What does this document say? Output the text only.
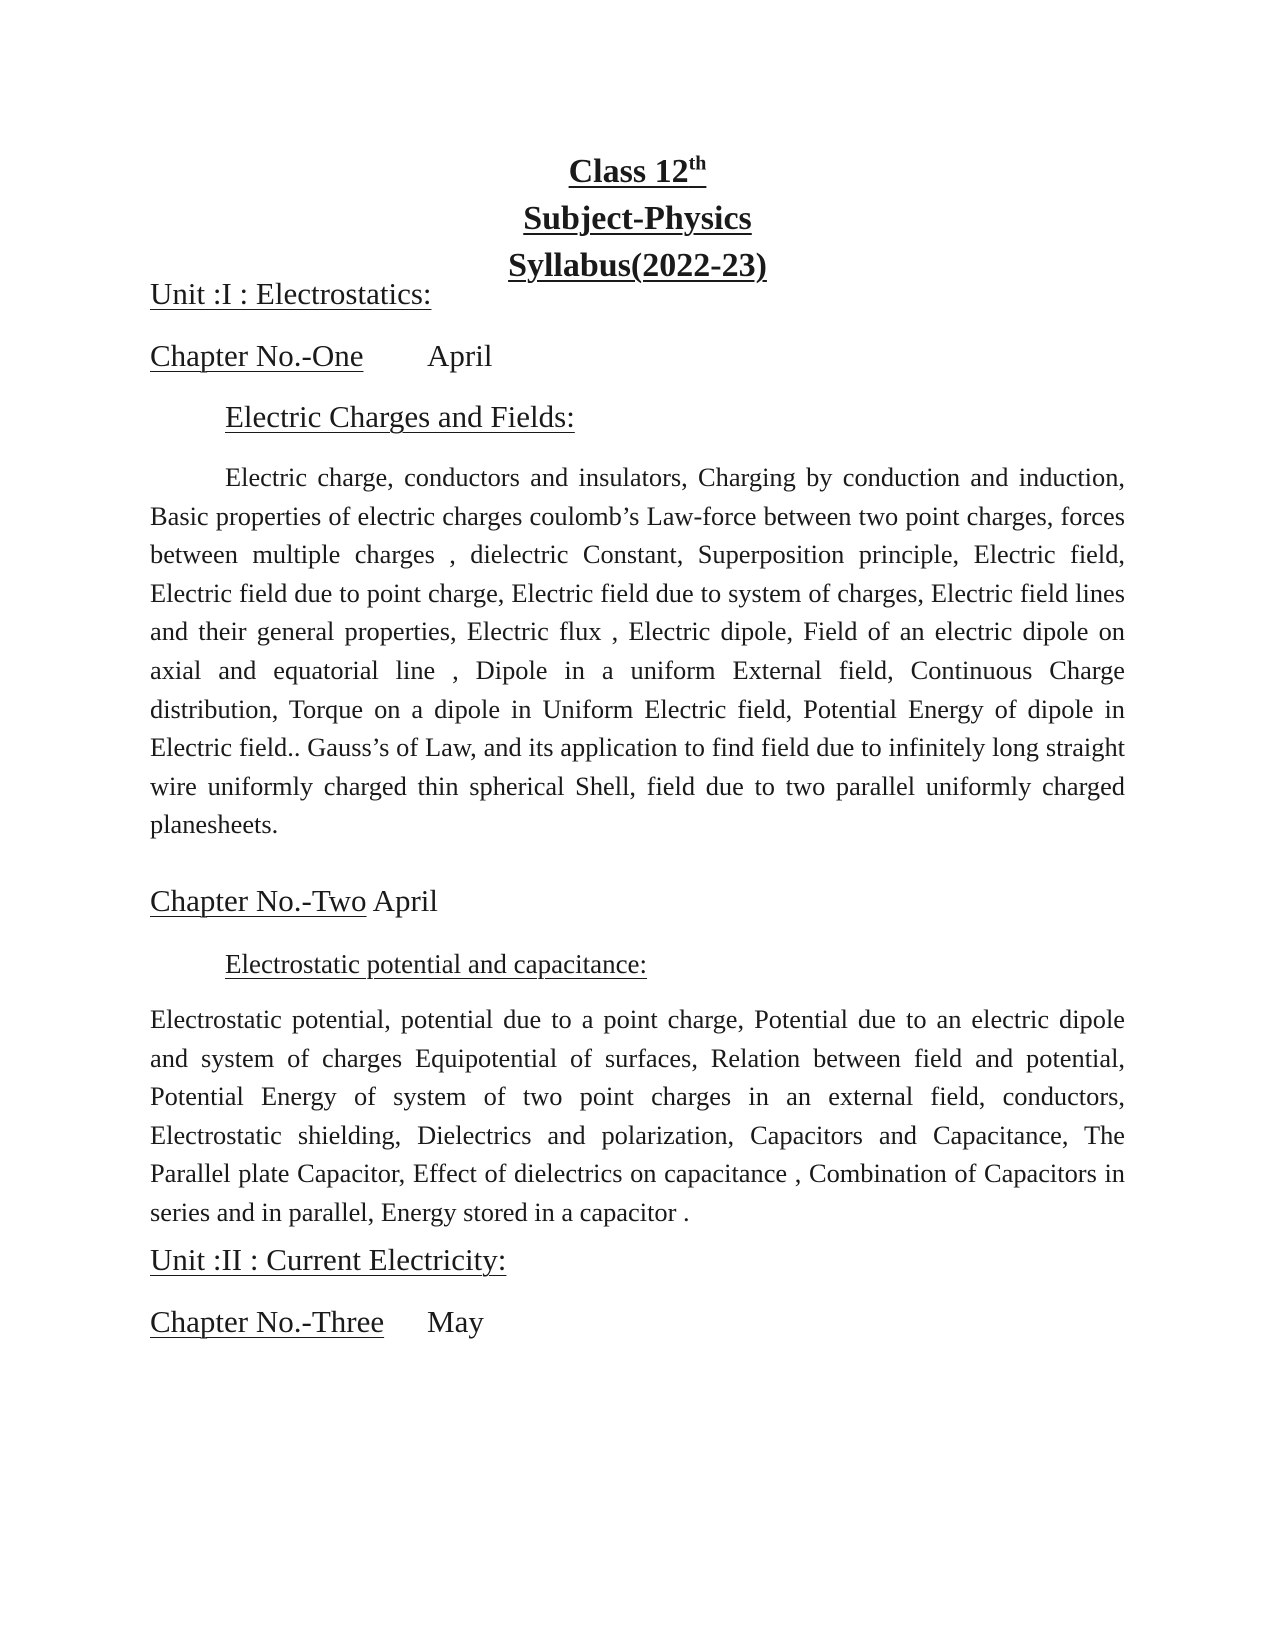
Class 12th
Subject-Physics
Syllabus(2022-23)
Unit :I : Electrostatics:
Chapter No.-One April
Electric Charges and Fields:

Electric charge, conductors and insulators, Charging by conduction and induction, Basic properties of electric charges coulomb’s Law-force between two point charges, forces between multiple charges , dielectric Constant, Superposition principle, Electric field, Electric field due to point charge, Electric field due to system of charges, Electric field lines and their general properties, Electric flux , Electric dipole, Field of an electric dipole on axial and equatorial line , Dipole in a uniform External field, Continuous Charge distribution, Torque on a dipole in Uniform Electric field, Potential Energy of dipole in Electric field.. Gauss’s of Law, and its application to find field due to infinitely long straight wire uniformly charged thin spherical Shell, field due to two parallel uniformly charged planesheets.

Chapter No.-Two April
Electrostatic potential and capacitance:

Electrostatic potential, potential due to a point charge, Potential due to an electric dipole and system of charges Equipotential of surfaces, Relation between field and potential, Potential Energy of system of two point charges in an external field, conductors, Electrostatic shielding, Dielectrics and polarization, Capacitors and Capacitance, The Parallel plate Capacitor, Effect of dielectrics on capacitance , Combination of Capacitors in series and in parallel, Energy stored in a capacitor .

Unit :II : Current Electricity:
Chapter No.-Three May
